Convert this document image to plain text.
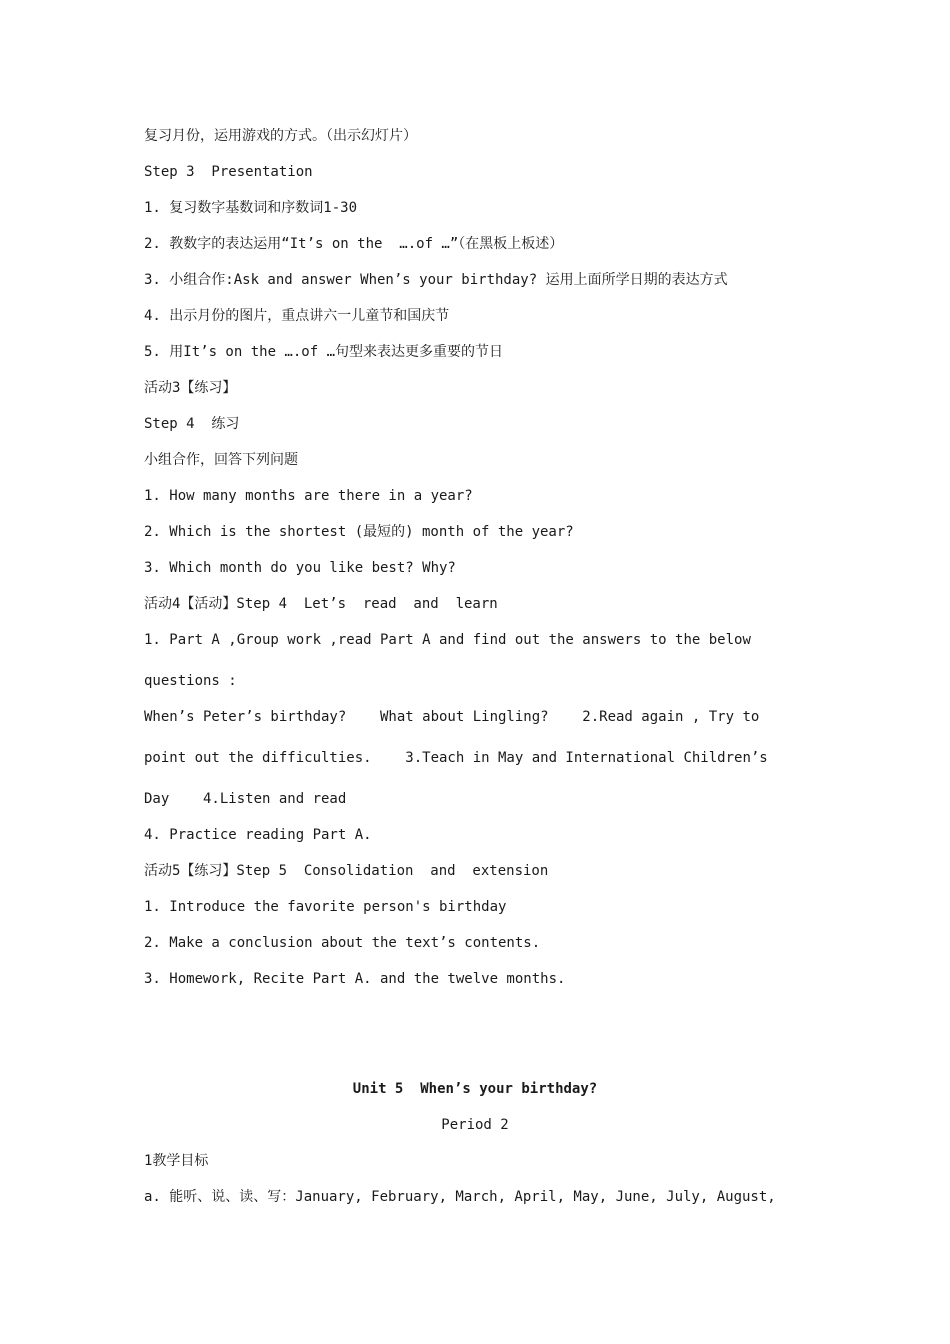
复习月份，运用游戏的方式。（出示幻灯片）
Step 3  Presentation
1. 复习数字基数词和序数词1-30
2. 教数字的表达运用“It’s on the  ….of …”（在黑板上板述）
3. 小组合作:Ask and answer When’s your birthday? 运用上面所学日期的表达方式
4. 出示月份的图片，重点讲六一儿童节和国庆节
5. 用It’s on the ….of …句型来表达更多重要的节日
活动3【练习】
Step 4  练习
小组合作，回答下列问题
1. How many months are there in a year?
2. Which is the shortest (最短的) month of the year?
3. Which month do you like best? Why?
活动4【活动】Step 4  Let’s  read  and  learn
1. Part A ,Group work ,read Part A and find out the answers to the below
questions :
When’s Peter’s birthday?    What about Lingling?    2.Read again , Try to
point out the difficulties.    3.Teach in May and International Children’s
Day    4.Listen and read
4. Practice reading Part A.
活动5【练习】Step 5  Consolidation  and  extension
1. Introduce the favorite person's birthday
2. Make a conclusion about the text’s contents.
3. Homework, Recite Part A. and the twelve months.
Unit 5  When’s your birthday?
Period 2
1教学目标
a. 能听、说、读、写：January, February, March, April, May, June, July, August,
